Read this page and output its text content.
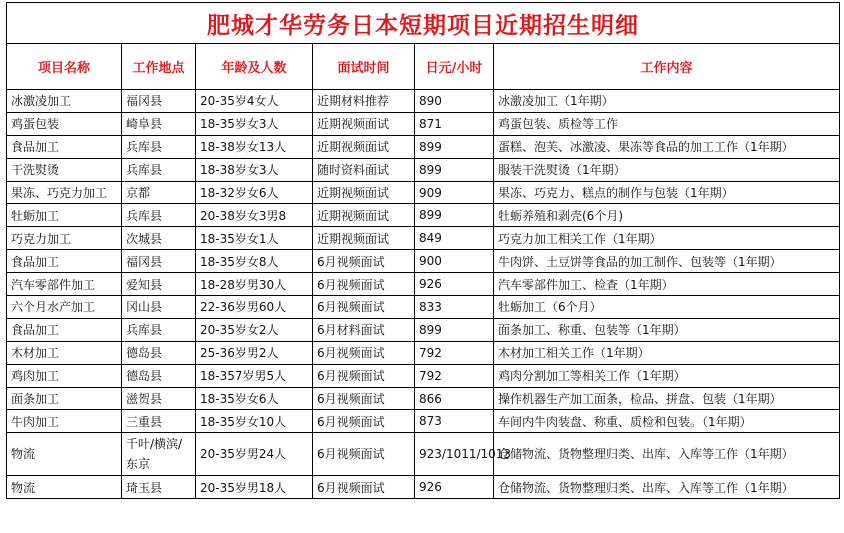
肥城才华劳务日本短期项目近期招生明细					
项目名称	工作地点	年龄及人数	面试时间	日元/小时	工作内容
冰激凌加工	福冈县	20-35岁4女人	近期材料推荐	890	冰激凌加工（1年期）
鸡蛋包装	崎阜县	18-35岁女3人	近期视频面试	871	鸡蛋包装、质检等工作
食品加工	兵库县	18-38岁女13人	近期视频面试	899	蛋糕、泡芙、冰激凌、果冻等食品的加工工作（1年期）
干洗熨烫	兵库县	18-38岁女3人	随时资料面试	899	服装干洗熨烫（1年期）
果冻、巧克力加工	京都	18-32岁女6人	近期视频面试	909	果冻、巧克力、糕点的制作与包装（1年期）
牡蛎加工	兵库县	20-38岁女3男8	近期视频面试	899	牡蛎养殖和剥壳(6个月)
巧克力加工	次城县	18-35岁女1人	近期视频面试	849	巧克力加工相关工作（1年期）
食品加工	福冈县	18-35岁女8人	6月视频面试	900	牛肉饼、土豆饼等食品的加工制作、包装等（1年期）
汽车零部件加工	爱知县	18-28岁男30人	6月视频面试	926	汽车零部件加工、检查（1年期）
六个月水产加工	冈山县	22-36岁男60人	6月视频面试	833	牡蛎加工（6个月）
食品加工	兵库县	20-35岁女2人	6月材料面试	899	面条加工、称重、包装等（1年期）
木材加工	德岛县	25-36岁男2人	6月视频面试	792	木材加工相关工作（1年期）
鸡肉加工	德岛县	18-357岁男5人	6月视频面试	792	鸡肉分割加工等相关工作（1年期）
面条加工	滋贺县	18-35岁女6人	6月视频面试	866	操作机器生产加工面条，检品、拼盘、包装（1年期）
牛肉加工	三重县	18-35岁女10人	6月视频面试	873	车间内牛肉装盘、称重、质检和包装。（1年期）
物流	千叶/横滨/东京	20-35岁男24人	6月视频面试	923/1011/1013	仓储物流、货物整理归类、出库、入库等工作（1年期）
物流	琦玉县	20-35岁男18人	6月视频面试	926	仓储物流、货物整理归类、出库、入库等工作（1年期）
